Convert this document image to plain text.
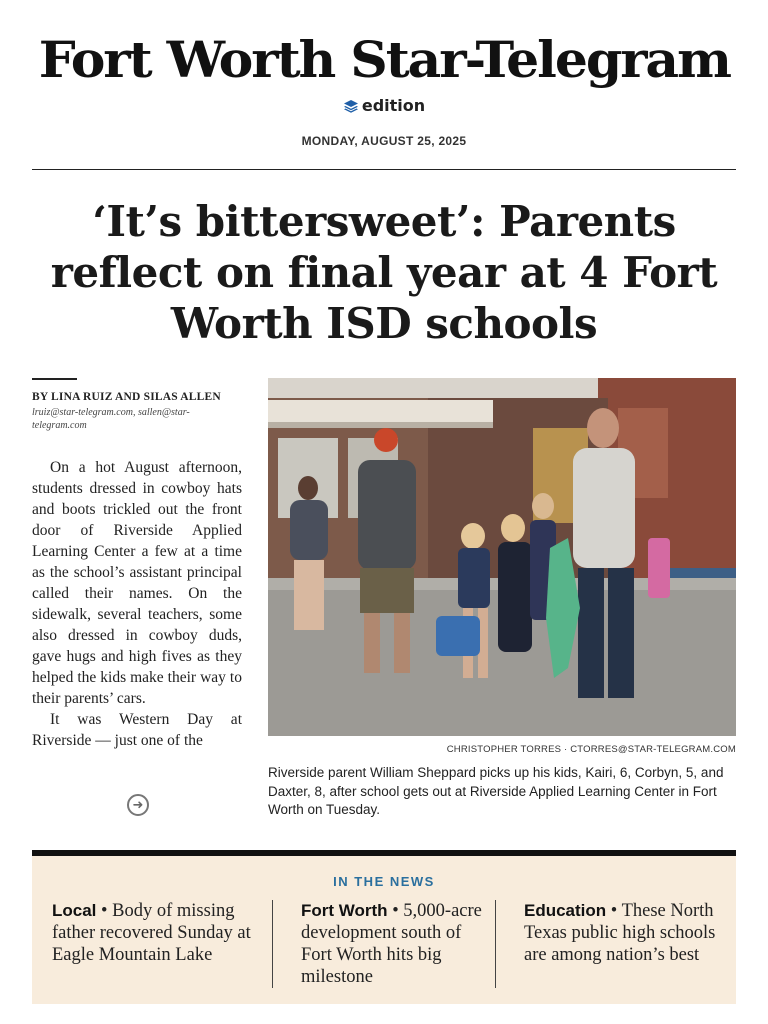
Fort Worth Star-Telegram
edition
MONDAY, AUGUST 25, 2025
‘It’s bittersweet’: Parents reflect on final year at 4 Fort Worth ISD schools
BY LINA RUIZ AND SILAS ALLEN
lruiz@star-telegram.com, sallen@star-telegram.com

On a hot August afternoon, students dressed in cowboy hats and boots trickled out the front door of Riverside Applied Learning Center a few at a time as the school’s assistant principal called their names. On the sidewalk, several teachers, some also dressed in cowboy duds, gave hugs and high fives as they helped the kids make their way to their parents’ cars.

It was Western Day at Riverside — just one of the

➜
CHRISTOPHER TORRES · CTORRES@STAR-TELEGRAM.COM
Riverside parent William Sheppard picks up his kids, Kairi, 6, Corbyn, 5, and Daxter, 8, after school gets out at Riverside Applied Learning Center in Fort Worth on Tuesday.
IN THE NEWS
Local • Body of missing father recovered Sunday at Eagle Mountain Lake
Fort Worth • 5,000-acre development south of Fort Worth hits big milestone
Education • These North Texas public high schools are among nation’s best
